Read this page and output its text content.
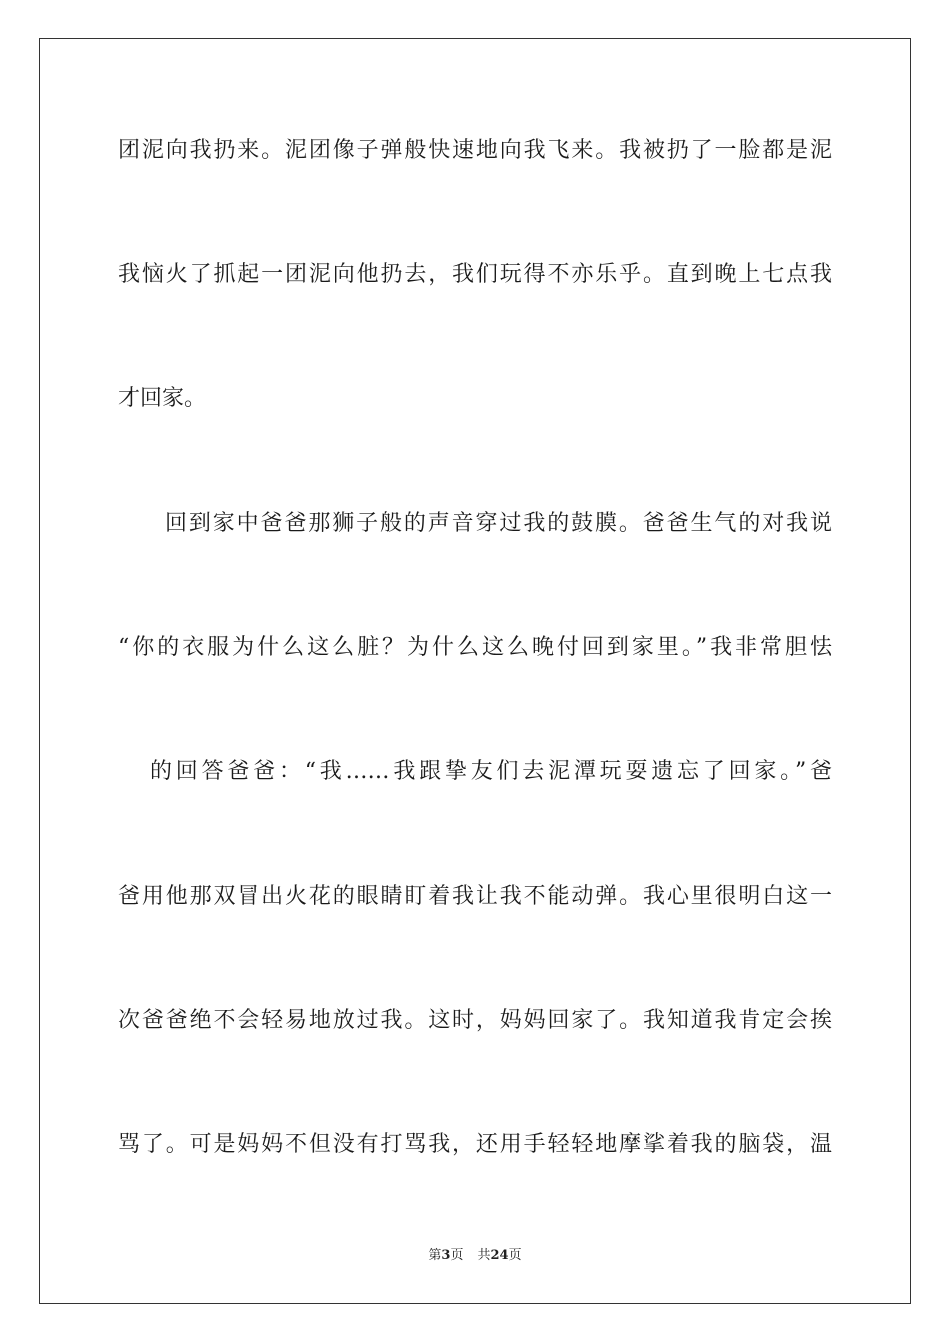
团泥向我扔来。泥团像子弹般快速地向我飞来。我被扔了一脸都是泥
我恼火了抓起一团泥向他扔去，我们玩得不亦乐乎。直到晚上七点我
才回家。
回到家中爸爸那狮子般的声音穿过我的鼓膜。爸爸生气的对我说
“你的衣服为什么这么脏？为什么这么晚付回到家里。”我非常胆怯
的回答爸爸：“我……我跟挚友们去泥潭玩耍遗忘了回家。”爸
爸用他那双冒出火花的眼睛盯着我让我不能动弹。我心里很明白这一
次爸爸绝不会轻易地放过我。这时，妈妈回家了。我知道我肯定会挨
骂了。可是妈妈不但没有打骂我，还用手轻轻地摩挲着我的脑袋，温
第3页 共24页
